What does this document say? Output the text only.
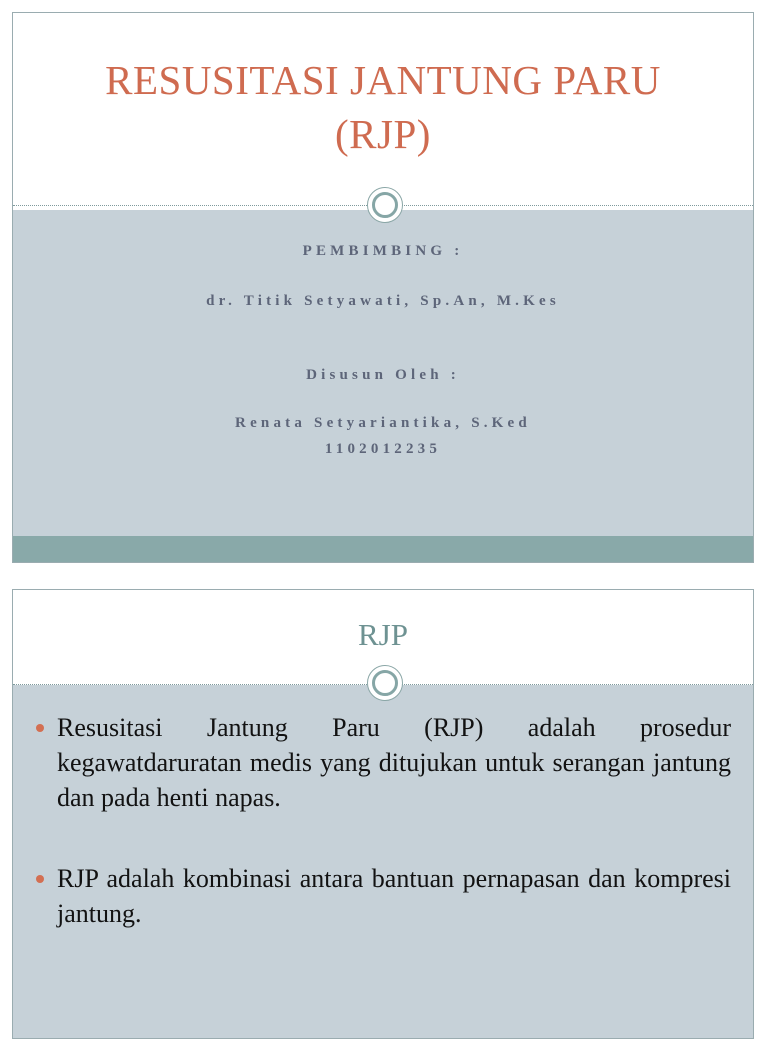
RESUSITASI JANTUNG PARU
(RJP)
PEMBIMBING :
dr. Titik Setyawati, Sp.An, M.Kes
Disusun Oleh :
Renata Setyariantika, S.Ked
1102012235
RJP
Resusitasi Jantung Paru (RJP) adalah prosedur kegawatdaruratan medis yang ditujukan untuk serangan jantung dan pada henti napas.
RJP adalah kombinasi antara bantuan pernapasan dan kompresi jantung.
